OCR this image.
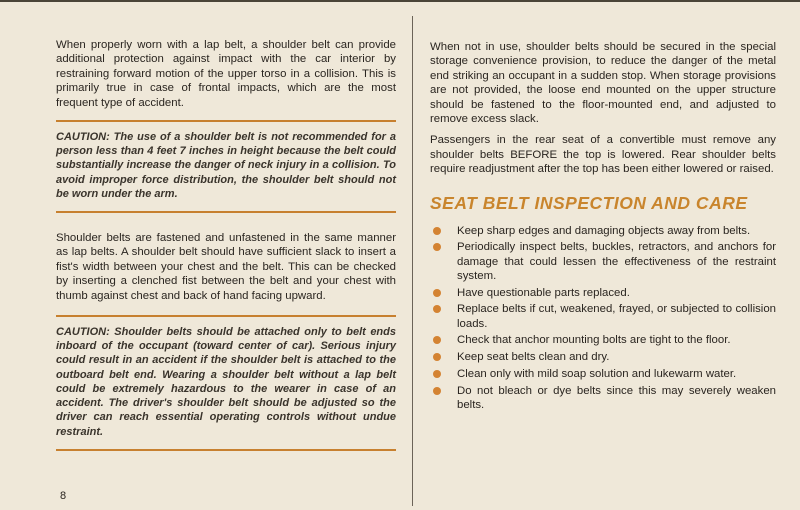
When properly worn with a lap belt, a shoulder belt can provide additional protection against impact with the car interior by restraining forward motion of the upper torso in a collision. This is primarily true in case of frontal impacts, which are the most frequent type of accident.

CAUTION: The use of a shoulder belt is not recommended for a person less than 4 feet 7 inches in height because the belt could substantially increase the danger of neck injury in a collision. To avoid improper force distribution, the shoulder belt should not be worn under the arm.

Shoulder belts are fastened and unfastened in the same manner as lap belts. A shoulder belt should have sufficient slack to insert a fist's width between your chest and the belt. This can be checked by inserting a clenched fist between the belt and your chest with thumb against chest and back of hand facing upward.

CAUTION: Shoulder belts should be attached only to belt ends inboard of the occupant (toward center of car). Serious injury could result in an accident if the shoulder belt is attached to the outboard belt end. Wearing a shoulder belt without a lap belt could be extremely hazardous to the wearer in case of an accident. The driver's shoulder belt should be adjusted so the driver can reach essential operating controls without undue restraint.

When not in use, shoulder belts should be secured in the special storage convenience provision, to reduce the danger of the metal end striking an occupant in a sudden stop. When storage provisions are not provided, the loose end mounted on the upper structure should be fastened to the floor-mounted end, and adjusted to remove excess slack.

Passengers in the rear seat of a convertible must remove any shoulder belts BEFORE the top is lowered. Rear shoulder belts require readjustment after the top has been either lowered or raised.

SEAT BELT INSPECTION AND CARE
Keep sharp edges and damaging objects away from belts.
Periodically inspect belts, buckles, retractors, and anchors for damage that could lessen the effectiveness of the restraint system.
Have questionable parts replaced.
Replace belts if cut, weakened, frayed, or subjected to collision loads.
Check that anchor mounting bolts are tight to the floor.
Keep seat belts clean and dry.
Clean only with mild soap solution and lukewarm water.
Do not bleach or dye belts since this may severely weaken belts.
8
